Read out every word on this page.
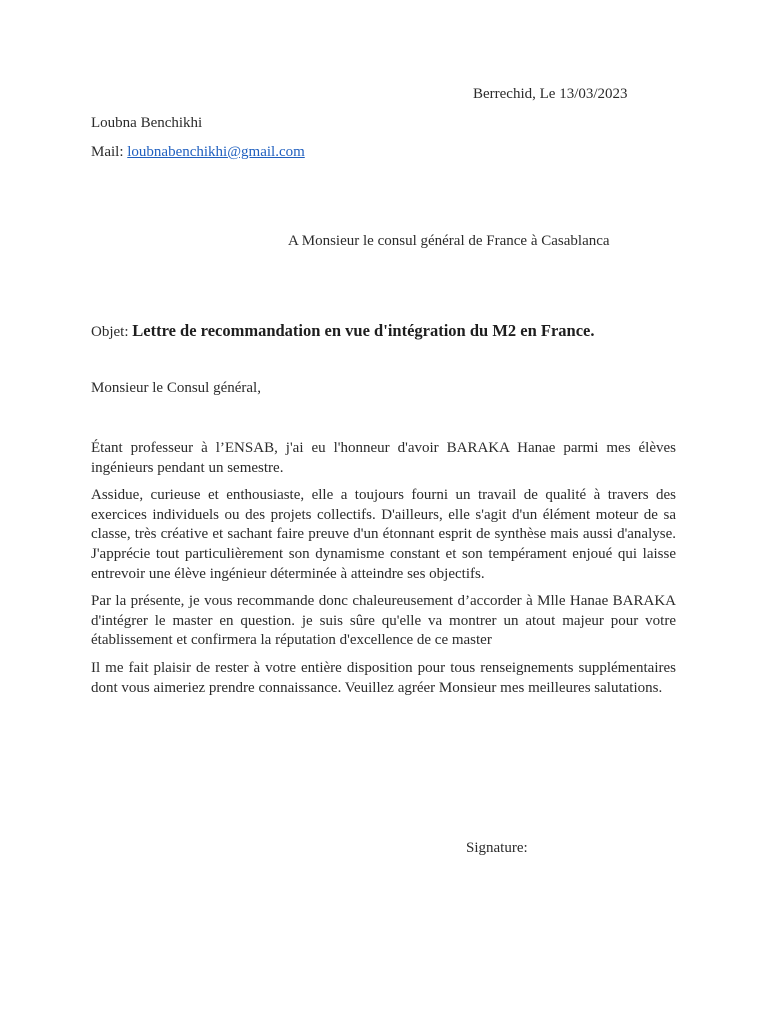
Berrechid, Le 13/03/2023
Loubna Benchikhi
Mail: loubnabenchikhi@gmail.com
A Monsieur le consul général de France à Casablanca
Objet: Lettre de recommandation en vue d'intégration du M2 en France.
Monsieur le Consul général,

Étant professeur à l’ENSAB, j'ai eu l'honneur d'avoir BARAKA Hanae parmi mes élèves ingénieurs pendant un semestre.

Assidue, curieuse et enthousiaste, elle a toujours fourni un travail de qualité à travers des exercices individuels ou des projets collectifs. D'ailleurs, elle s'agit d'un élément moteur de sa classe, très créative et sachant faire preuve d'un étonnant esprit de synthèse mais aussi d'analyse. J'apprécie tout particulièrement son dynamisme constant et son tempérament enjoué qui laisse entrevoir une élève ingénieur déterminée à atteindre ses objectifs.

Par la présente, je vous recommande donc chaleureusement d’accorder à Mlle Hanae BARAKA d'intégrer le master en question. je suis sûre qu'elle va montrer un atout majeur pour votre établissement et confirmera la réputation d'excellence de ce master

Il me fait plaisir de rester à votre entière disposition pour tous renseignements supplémentaires dont vous aimeriez prendre connaissance. Veuillez agréer Monsieur mes meilleures salutations.

Signature:
